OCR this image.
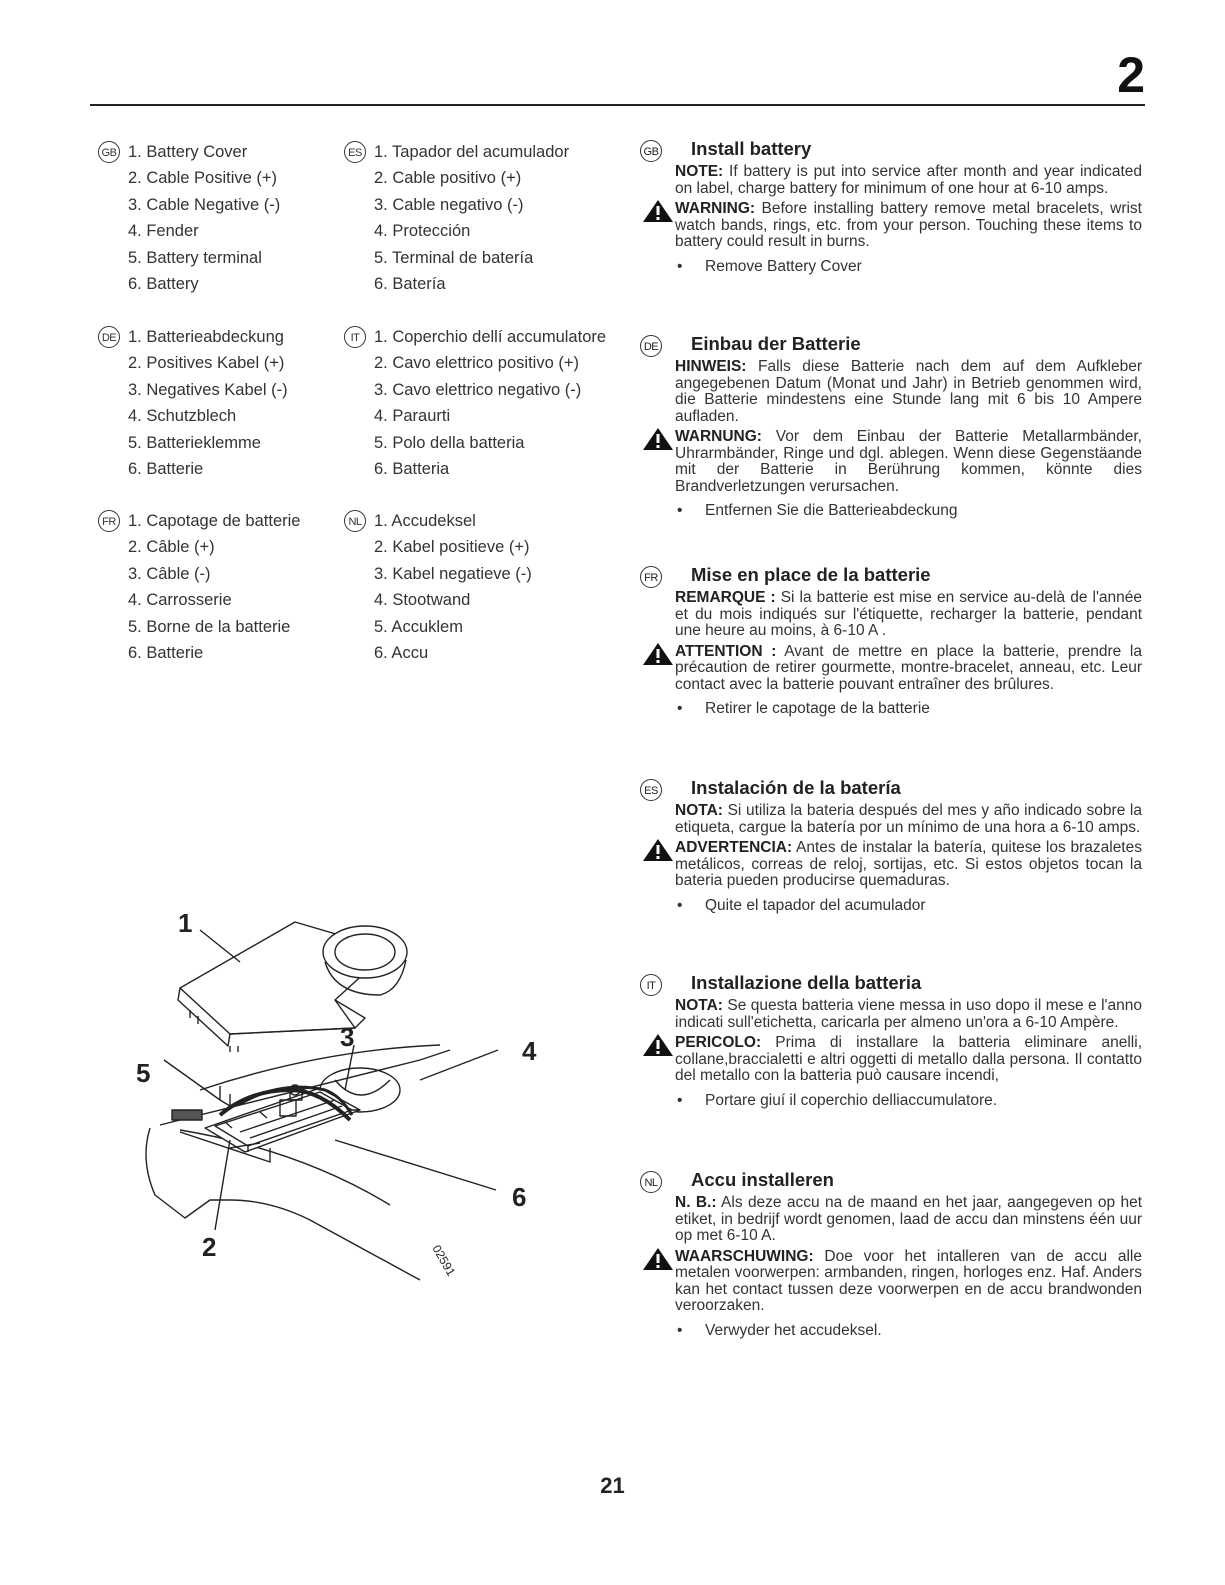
2
GB 1. Battery Cover
2. Cable Positive (+)
3. Cable Negative (-)
4. Fender
5. Battery terminal
6. Battery
ES 1. Tapador del acumulador
2. Cable positivo (+)
3. Cable negativo (-)
4. Protección
5. Terminal de batería
6. Batería
DE 1. Batterieabdeckung
2. Positives Kabel (+)
3. Negatives Kabel (-)
4. Schutzblech
5. Batterieklemme
6. Batterie
IT 1. Coperchio dellí accumulatore
2. Cavo elettrico positivo (+)
3. Cavo elettrico negativo (-)
4. Paraurti
5. Polo della batteria
6. Batteria
FR 1. Capotage de batterie
2. Câble (+)
3. Câble (-)
4. Carrosserie
5. Borne de la batterie
6. Batterie
NL 1. Accudeksel
2. Kabel positieve (+)
3. Kabel negatieve (-)
4. Stootwand
5. Accuklem
6. Accu
GB Install battery

NOTE: If battery is put into service after month and year indicated on label, charge battery for minimum of one hour at 6-10 amps.

WARNING: Before installing battery remove metal bracelets, wrist watch bands, rings, etc. from your person. Touching these items to battery could result in burns.

• Remove Battery Cover

DE Einbau der Batterie

HINWEIS: Falls diese Batterie nach dem auf dem Aufkleber angegebenen Datum (Monat und Jahr) in Betrieb genommen wird, die Batterie mindestens eine Stunde lang mit 6 bis 10 Ampere aufladen.

WARNUNG: Vor dem Einbau der Batterie Metallarmbänder, Uhrarmbänder, Ringe und dgl. ablegen. Wenn diese Gegenstäande mit der Batterie in Berührung kommen, könnte dies Brandverletzungen verursachen.

• Entfernen Sie die Batterieabdeckung

FR Mise en place de la batterie

REMARQUE : Si la batterie est mise en service au-delà de l'année et du mois indiqués sur l'étiquette, recharger la batterie, pendant une heure au moins, à 6-10 A .

ATTENTION : Avant de mettre en place la batterie, prendre la précaution de retirer gourmette, montre-bracelet, anneau, etc. Leur contact avec la batterie pouvant entraîner des brûlures.

• Retirer le capotage de la batterie

ES Instalación de la batería

NOTA: Si utiliza la bateria después del mes y año indicado sobre la etiqueta, cargue la batería por un mínimo de una hora a 6-10 amps.

ADVERTENCIA: Antes de instalar la batería, quitese los brazaletes metálicos, correas de reloj, sortijas, etc. Si estos objetos tocan la bateria pueden producirse quemaduras.

• Quite el tapador del acumulador

IT	Installazione della batteria

NOTA: Se questa batteria viene messa in uso dopo il mese e l'anno indicati sull'etichetta, caricarla per almeno un'ora a 6-10 Ampère.

PERICOLO: Prima di installare la batteria eliminare anelli, collane,braccialetti e altri oggetti di metallo dalla persona. Il contatto del metallo con la batteria può causare incendi,

• Portare giuí il coperchio delliaccumulatore.

NL Accu installeren

N. B.: Als deze accu na de maand en het jaar, aangegeven op het etiket, in bedrijf wordt genomen, laad de accu dan minstens één uur op met 6-10 A.

WAARSCHUWING: Doe voor het intalleren van de accu alle metalen voorwerpen: armbanden, ringen, horloges enz. Haf. Anders kan het contact tussen deze voorwerpen en de accu brandwonden veroorzaken.

• Verwyder het accudeksel.

02591
1
2
3	4
5
6
21
